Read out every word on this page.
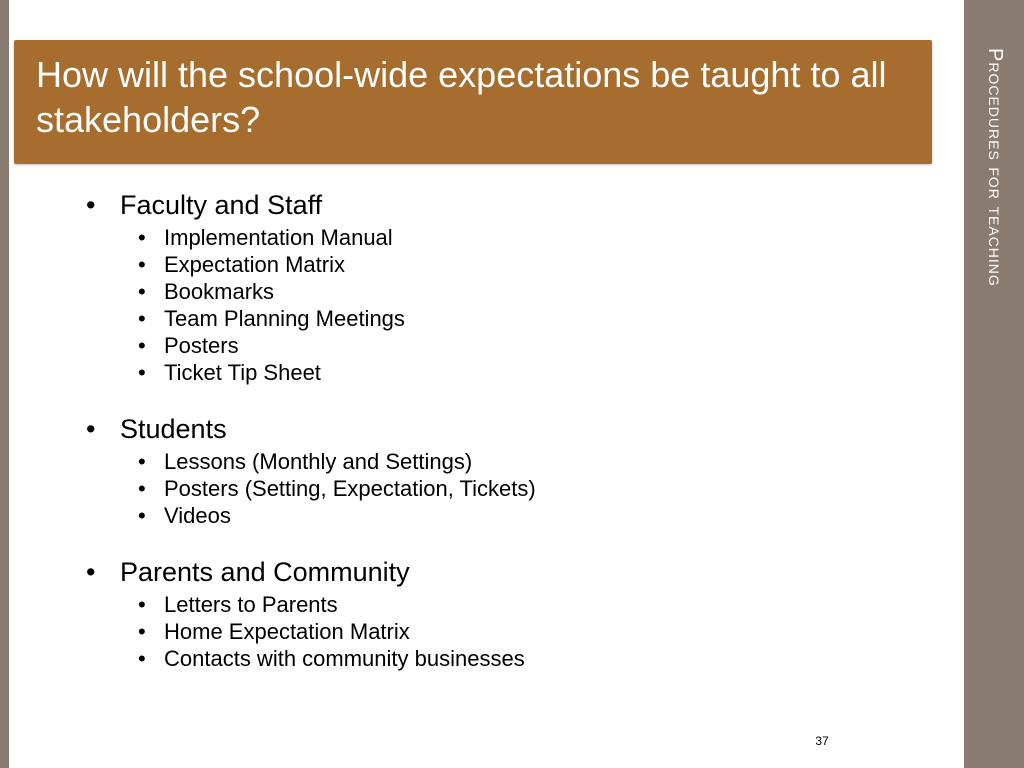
Procedures for teaching
How will the school-wide expectations be taught to all stakeholders?
• Faculty and Staff
• Implementation Manual
• Expectation Matrix
• Bookmarks
• Team Planning Meetings
• Posters
• Ticket Tip Sheet
• Students
• Lessons (Monthly and Settings)
• Posters (Setting, Expectation, Tickets)
• Videos
• Parents and Community
• Letters to Parents
• Home Expectation Matrix
• Contacts with community businesses
37
